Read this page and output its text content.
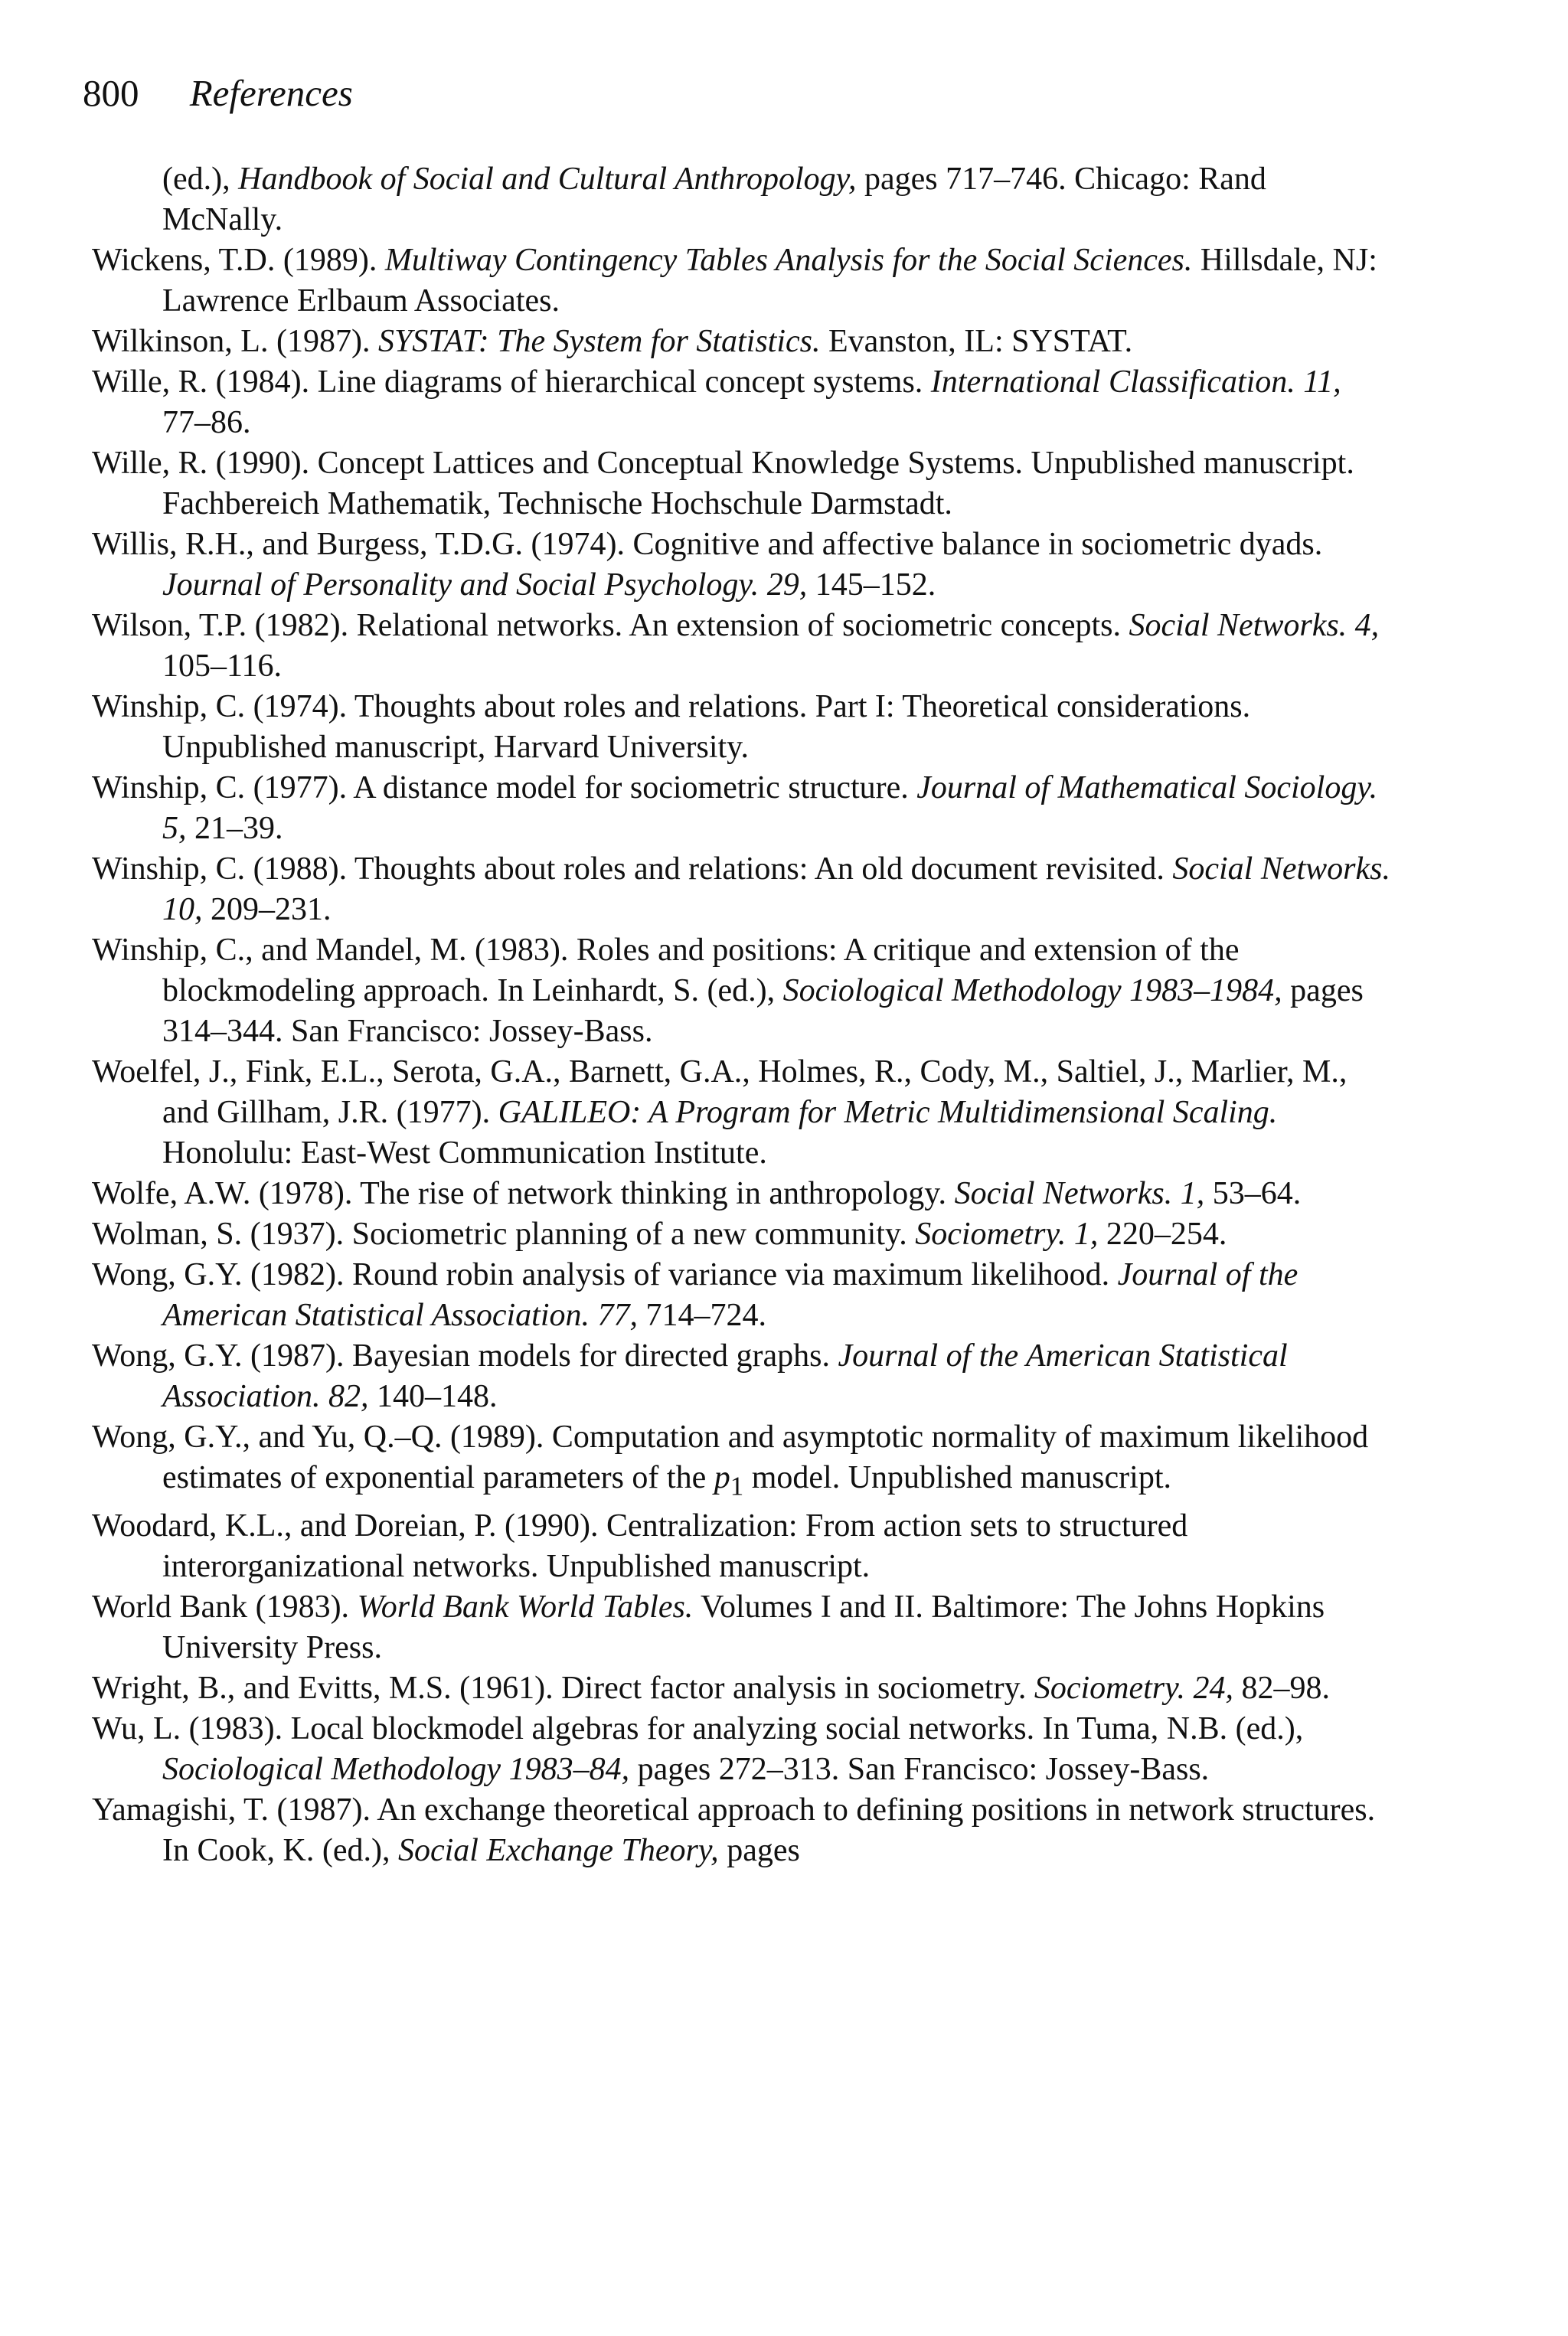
800 References
(ed.), Handbook of Social and Cultural Anthropology, pages 717–746. Chicago: Rand McNally.
Wickens, T.D. (1989). Multiway Contingency Tables Analysis for the Social Sciences. Hillsdale, NJ: Lawrence Erlbaum Associates.
Wilkinson, L. (1987). SYSTAT: The System for Statistics. Evanston, IL: SYSTAT.
Wille, R. (1984). Line diagrams of hierarchical concept systems. International Classification. 11, 77–86.
Wille, R. (1990). Concept Lattices and Conceptual Knowledge Systems. Unpublished manuscript. Fachbereich Mathematik, Technische Hochschule Darmstadt.
Willis, R.H., and Burgess, T.D.G. (1974). Cognitive and affective balance in sociometric dyads. Journal of Personality and Social Psychology. 29, 145–152.
Wilson, T.P. (1982). Relational networks. An extension of sociometric concepts. Social Networks. 4, 105–116.
Winship, C. (1974). Thoughts about roles and relations. Part I: Theoretical considerations. Unpublished manuscript, Harvard University.
Winship, C. (1977). A distance model for sociometric structure. Journal of Mathematical Sociology. 5, 21–39.
Winship, C. (1988). Thoughts about roles and relations: An old document revisited. Social Networks. 10, 209–231.
Winship, C., and Mandel, M. (1983). Roles and positions: A critique and extension of the blockmodeling approach. In Leinhardt, S. (ed.), Sociological Methodology 1983–1984, pages 314–344. San Francisco: Jossey-Bass.
Woelfel, J., Fink, E.L., Serota, G.A., Barnett, G.A., Holmes, R., Cody, M., Saltiel, J., Marlier, M., and Gillham, J.R. (1977). GALILEO: A Program for Metric Multidimensional Scaling. Honolulu: East-West Communication Institute.
Wolfe, A.W. (1978). The rise of network thinking in anthropology. Social Networks. 1, 53–64.
Wolman, S. (1937). Sociometric planning of a new community. Sociometry. 1, 220–254.
Wong, G.Y. (1982). Round robin analysis of variance via maximum likelihood. Journal of the American Statistical Association. 77, 714–724.
Wong, G.Y. (1987). Bayesian models for directed graphs. Journal of the American Statistical Association. 82, 140–148.
Wong, G.Y., and Yu, Q.–Q. (1989). Computation and asymptotic normality of maximum likelihood estimates of exponential parameters of the $p_1$ model. Unpublished manuscript.
Woodard, K.L., and Doreian, P. (1990). Centralization: From action sets to structured interorganizational networks. Unpublished manuscript.
World Bank (1983). World Bank World Tables. Volumes I and II. Baltimore: The Johns Hopkins University Press.
Wright, B., and Evitts, M.S. (1961). Direct factor analysis in sociometry. Sociometry. 24, 82–98.
Wu, L. (1983). Local blockmodel algebras for analyzing social networks. In Tuma, N.B. (ed.), Sociological Methodology 1983–84, pages 272–313. San Francisco: Jossey-Bass.
Yamagishi, T. (1987). An exchange theoretical approach to defining positions in network structures. In Cook, K. (ed.), Social Exchange Theory, pages
